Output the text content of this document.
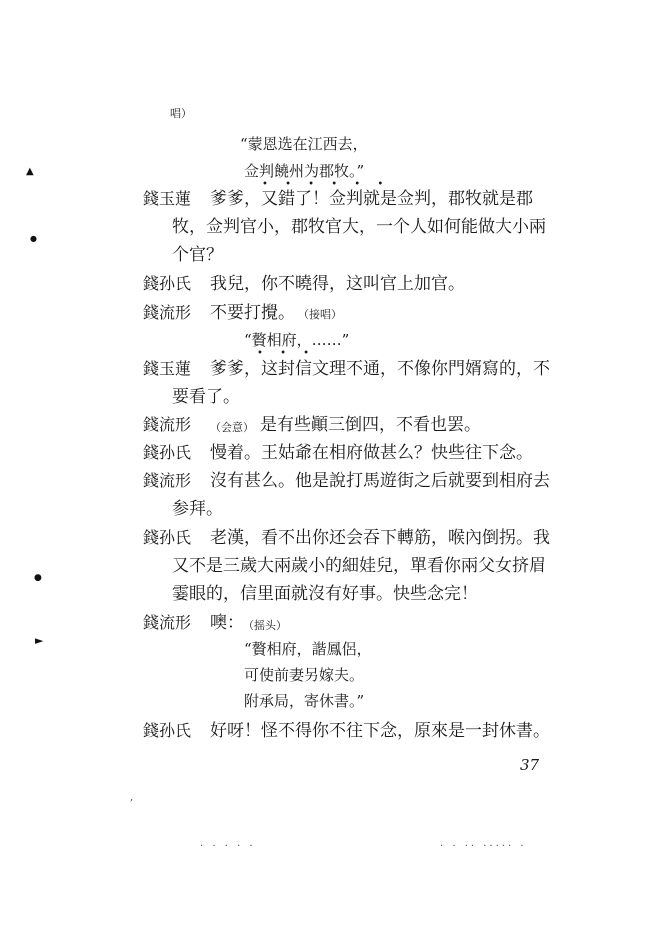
唱）
“蒙恩选在江西去，
佥判饒州为郡牧。”
• • • • • •
▲
●
錢玉蓮 爹爹，又錯了！佥判就是佥判，郡牧就是郡
牧，佥判官小，郡牧官大，一个人如何能做大小兩
个官？
錢孙氏 我兒，你不曉得，这叫官上加官。
錢流形 不要打攪。 （接唱）
“贅相府，……”
• • •
錢玉蓮 爹爹，这封信文理不通，不像你門婿寫的，不
要看了。
錢流形 （会意） 是有些顚三倒四，不看也罢。
錢孙氏 慢着。王姑爺在相府做甚么？快些往下念。
錢流形 沒有甚么。他是說打馬遊街之后就要到相府去
参拜。
錢孙氏 老漢，看不出你还会吞下轉筋，喉內倒拐。我
又不是三歲大兩歲小的細娃兒，單看你兩父女挤眉
霎眼的，信里面就沒有好事。快些念完！
●
►
錢流形 噢： （摇头）
“贅相府，諧鳳侶，
可使前妻另嫁夫。
附承局，寄休書。”
錢孙氏 好呀！怪不得你不往下念，原來是一封休書。
37
. . . . .	. . .. ..... .
,
